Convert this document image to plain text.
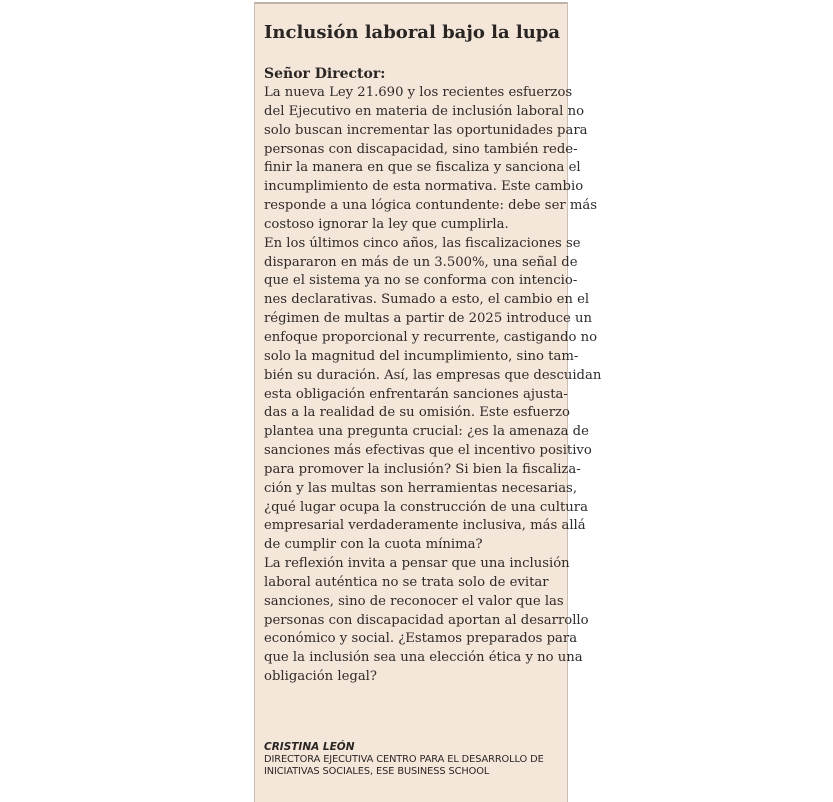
Inclusión laboral bajo la lupa
Señor Director:
La nueva Ley 21.690 y los recientes esfuerzos
del Ejecutivo en materia de inclusión laboral no
solo buscan incrementar las oportunidades para
personas con discapacidad, sino también rede-
finir la manera en que se fiscaliza y sanciona el
incumplimiento de esta normativa. Este cambio
responde a una lógica contundente: debe ser más
costoso ignorar la ley que cumplirla.
En los últimos cinco años, las fiscalizaciones se
dispararon en más de un 3.500%, una señal de
que el sistema ya no se conforma con intencio-
nes declarativas. Sumado a esto, el cambio en el
régimen de multas a partir de 2025 introduce un
enfoque proporcional y recurrente, castigando no
solo la magnitud del incumplimiento, sino tam-
bién su duración. Así, las empresas que descuidan
esta obligación enfrentarán sanciones ajusta-
das a la realidad de su omisión. Este esfuerzo
plantea una pregunta crucial: ¿es la amenaza de
sanciones más efectivas que el incentivo positivo
para promover la inclusión? Si bien la fiscaliza-
ción y las multas son herramientas necesarias,
¿qué lugar ocupa la construcción de una cultura
empresarial verdaderamente inclusiva, más allá
de cumplir con la cuota mínima?
La reflexión invita a pensar que una inclusión
laboral auténtica no se trata solo de evitar
sanciones, sino de reconocer el valor que las
personas con discapacidad aportan al desarrollo
económico y social. ¿Estamos preparados para
que la inclusión sea una elección ética y no una
obligación legal?
CRISTINA LEÓN
DIRECTORA EJECUTIVA CENTRO PARA EL DESARROLLO DE
INICIATIVAS SOCIALES, ESE BUSINESS SCHOOL
